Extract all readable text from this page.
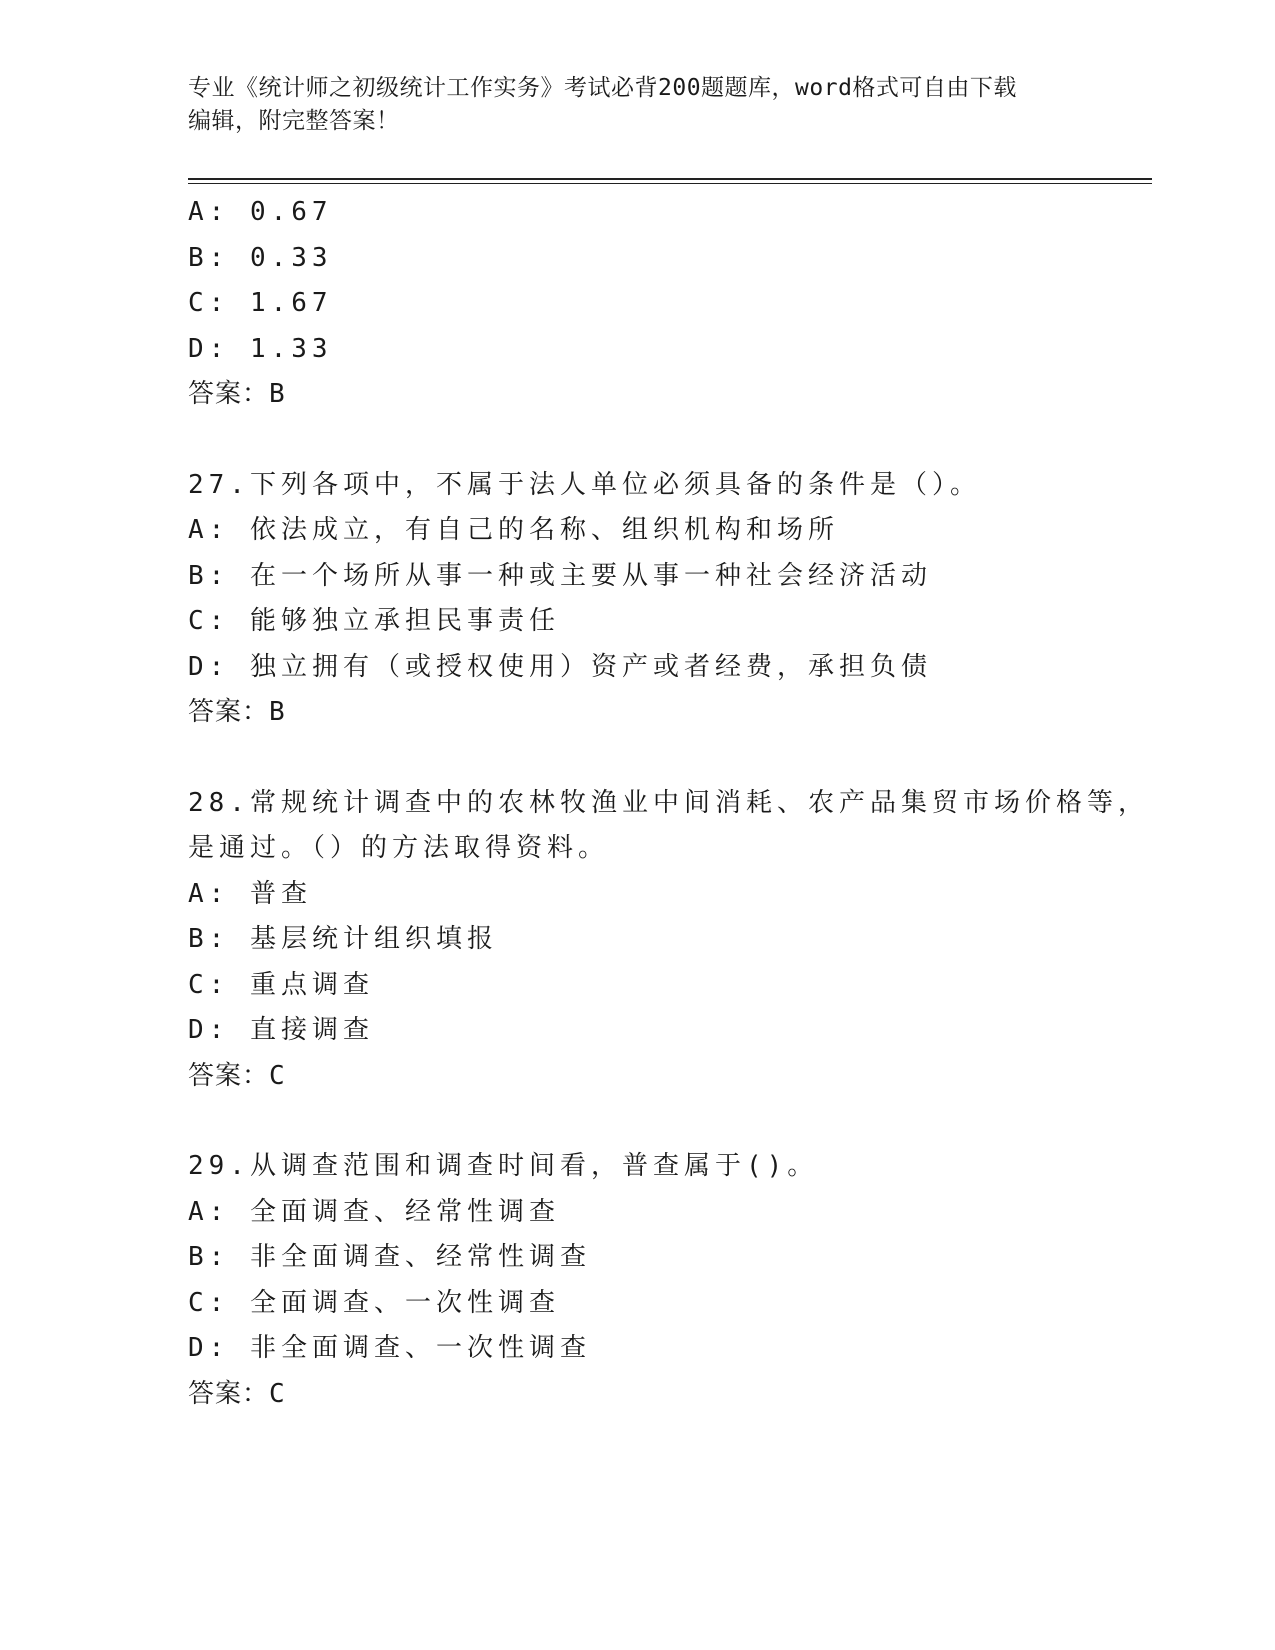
专业《统计师之初级统计工作实务》考试必背200题题库，word格式可自由下载
编辑，附完整答案！
A: 0.67
B: 0.33
C: 1.67
D: 1.33
答案：B
27.下列各项中，不属于法人单位必须具备的条件是（）。
A: 依法成立，有自己的名称、组织机构和场所
B: 在一个场所从事一种或主要从事一种社会经济活动
C: 能够独立承担民事责任
D: 独立拥有（或授权使用）资产或者经费，承担负债
答案：B
28.常规统计调查中的农林牧渔业中间消耗、农产品集贸市场价格等，
是通过。（）的方法取得资料。
A: 普查
B: 基层统计组织填报
C: 重点调查
D: 直接调查
答案：C
29.从调查范围和调查时间看，普查属于()。
A: 全面调查、经常性调查
B: 非全面调查、经常性调查
C: 全面调查、一次性调查
D: 非全面调查、一次性调查
答案：C
